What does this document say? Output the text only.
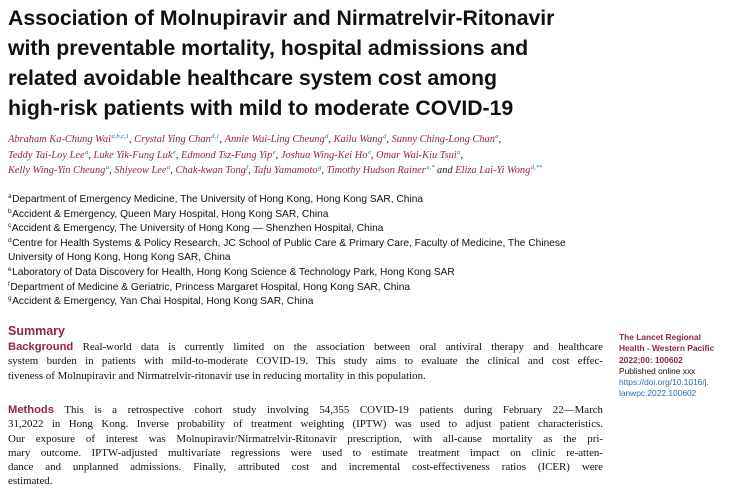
Association of Molnupiravir and Nirmatrelvir-Ritonavir
with preventable mortality, hospital admissions and
related avoidable healthcare system cost among
high-risk patients with mild to moderate COVID-19
Abraham Ka-Chung Wai$^{a,b,c,1}$, Crystal Ying Chan$^{d,1}$, Annie Wai-Ling Cheung$^d$, Kailu Wang$^d$, Sunny Ching-Long Chan$^a$,
Teddy Tai-Loy Lee$^a$, Luke Yik-Fung Luk$^e$, Edmond Tsz-Fung Yip$^e$, Joshua Wing-Kei Ho$^e$, Omar Wai-Kiu Tsui$^a$,
Kelly Wing-Yin Cheung$^a$, Shiyeow Lee$^a$, Chak-kwan Tong$^f$, Tafu Yamamoto$^g$, Timothy Hudson Rainer$^{a,*}$ and Eliza Lai-Yi Wong$^{d,**}$
$^a$Department of Emergency Medicine, The University of Hong Kong, Hong Kong SAR, China
$^b$Accident & Emergency, Queen Mary Hospital, Hong Kong SAR, China
$^c$Accident & Emergency, The University of Hong Kong — Shenzhen Hospital, China
$^d$Centre for Health Systems & Policy Research, JC School of Public Care & Primary Care, Faculty of Medicine, The Chinese
University of Hong Kong, Hong Kong SAR, China
$^e$Laboratory of Data Discovery for Health, Hong Kong Science & Technology Park, Hong Kong SAR
$^f$Department of Medicine & Geriatric, Princess Margaret Hospital, Hong Kong SAR, China
$^g$Accident & Emergency, Yan Chai Hospital, Hong Kong SAR, China
Summary
Background Real-world data is currently limited on the association between oral antiviral therapy and healthcare
system burden in patients with mild-to-moderate COVID-19. This study aims to evaluate the clinical and cost effec-
tiveness of Molnupiravir and Nirmatrelvir-ritonavir use in reducing mortality in this population.
Methods This is a retrospective cohort study involving 54,355 COVID-19 patients during February 22—March
31,2022 in Hong Kong. Inverse probability of treatment weighting (IPTW) was used to adjust patient characteristics.
Our exposure of interest was Molnupiravir/Nirmatrelvir-Ritonavir prescription, with all-cause mortality as the pri-
mary outcome. IPTW-adjusted multivariate regressions were used to estimate treatment impact on clinic re-atten-
dance and unplanned admissions. Finally, attributed cost and incremental cost-effectiveness ratios (ICER) were
estimated.
The Lancet Regional
Health - Western Pacific
2022;00: 100602
Published online xxx
https://doi.org/10.1016/j.
lanwpc.2022.100602
